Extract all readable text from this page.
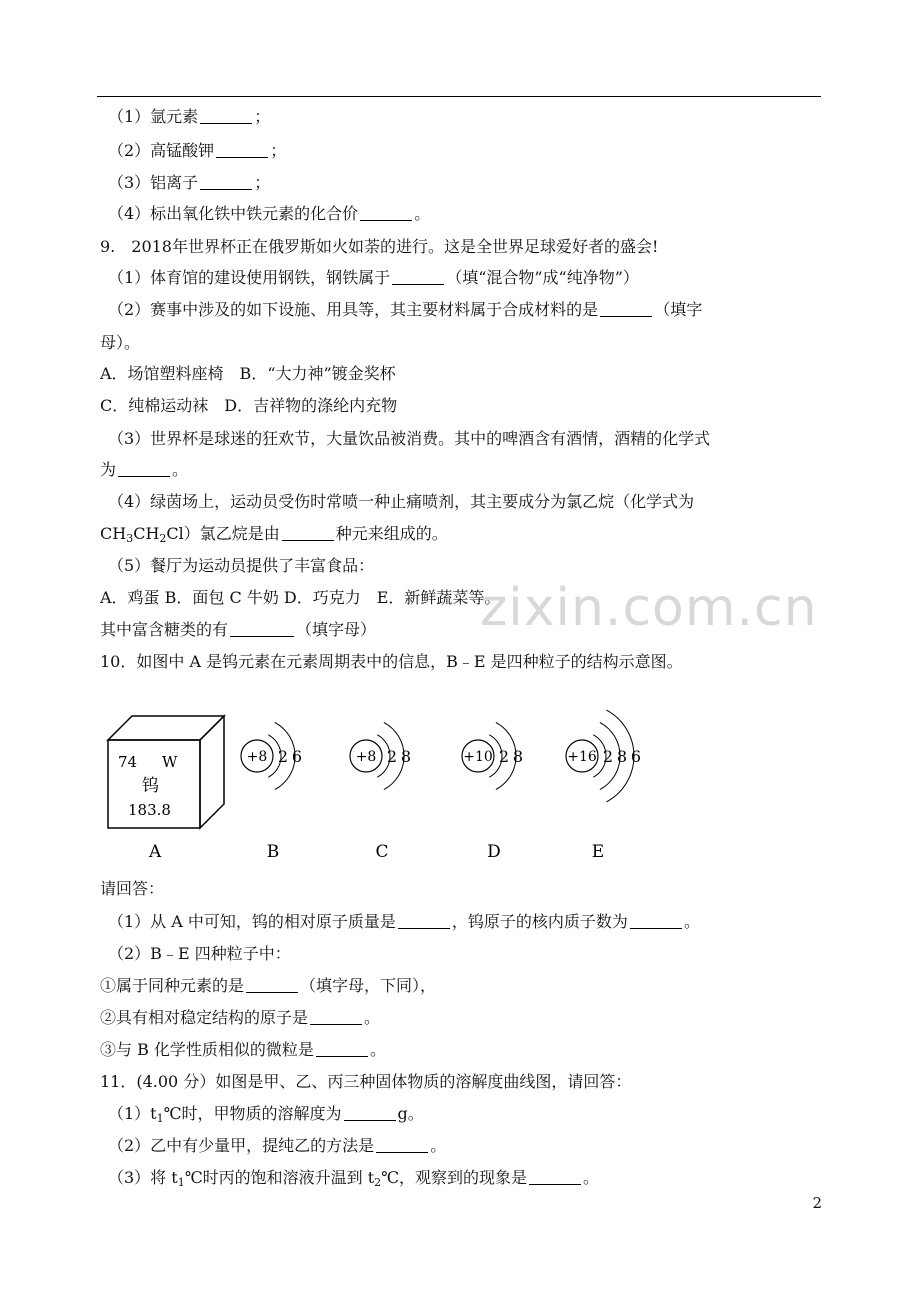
（1）氩元素	；
（2）高锰酸钾	；
（3）铝离子	；
（4）标出氧化铁中铁元素的化合价	。
9.　2018年世界杯正在俄罗斯如火如荼的进行。这是全世界足球爱好者的盛会!
（1）体育馆的建设使用钢铁，钢铁属于	（填“混合物”成“纯净物”）
（2）赛事中涉及的如下设施、用具等，其主要材料属于合成材料的是	（填字
母）。
A．场馆塑料座椅　B．“大力神”镀金奖杯
C．纯棉运动袜　D．吉祥物的涤纶内充物
（3）世界杯是球迷的狂欢节，大量饮品被消费。其中的啤酒含有酒情，酒精的化学式
为	。
（4）绿茵场上，运动员受伤时常喷一种止痛喷剂，其主要成分为氯乙烷（化学式为
$CH_3CH_2Cl$）氯乙烷是由	种元来组成的。
（5）餐厅为运动员提供了丰富食品：
A．鸡蛋 B．面包 C 牛奶 D．巧克力　E．新鲜蔬菜等。
其中富含糖类的有	（填字母）	zixin.com.cn
10．如图中 A 是钨元素在元素周期表中的信息，B﹣E 是四种粒子的结构示意图。
74 W
钨
183.8
A
+8 2 6
B
+8 2 8
C
+10 2 8
D
+16 2 8 6
E
请回答：
（1）从 A 中可知，钨的相对原子质量是	，钨原子的核内质子数为	。
（2）B﹣E 四种粒子中：
①属于同种元素的是	（填字母，下同），
②具有相对稳定结构的原子是	。
③与 B 化学性质相似的微粒是	。
11．(4.00 分）如图是甲、乙、丙三种固体物质的溶解度曲线图，请回答：
$(1)t_1℃$时，甲物质的溶解度为	g。
（2）乙中有少量甲，提纯乙的方法是	。
（3）将 $t_1℃$时丙的饱和溶液升温到 $t_2℃$，观察到的现象是	。
2
